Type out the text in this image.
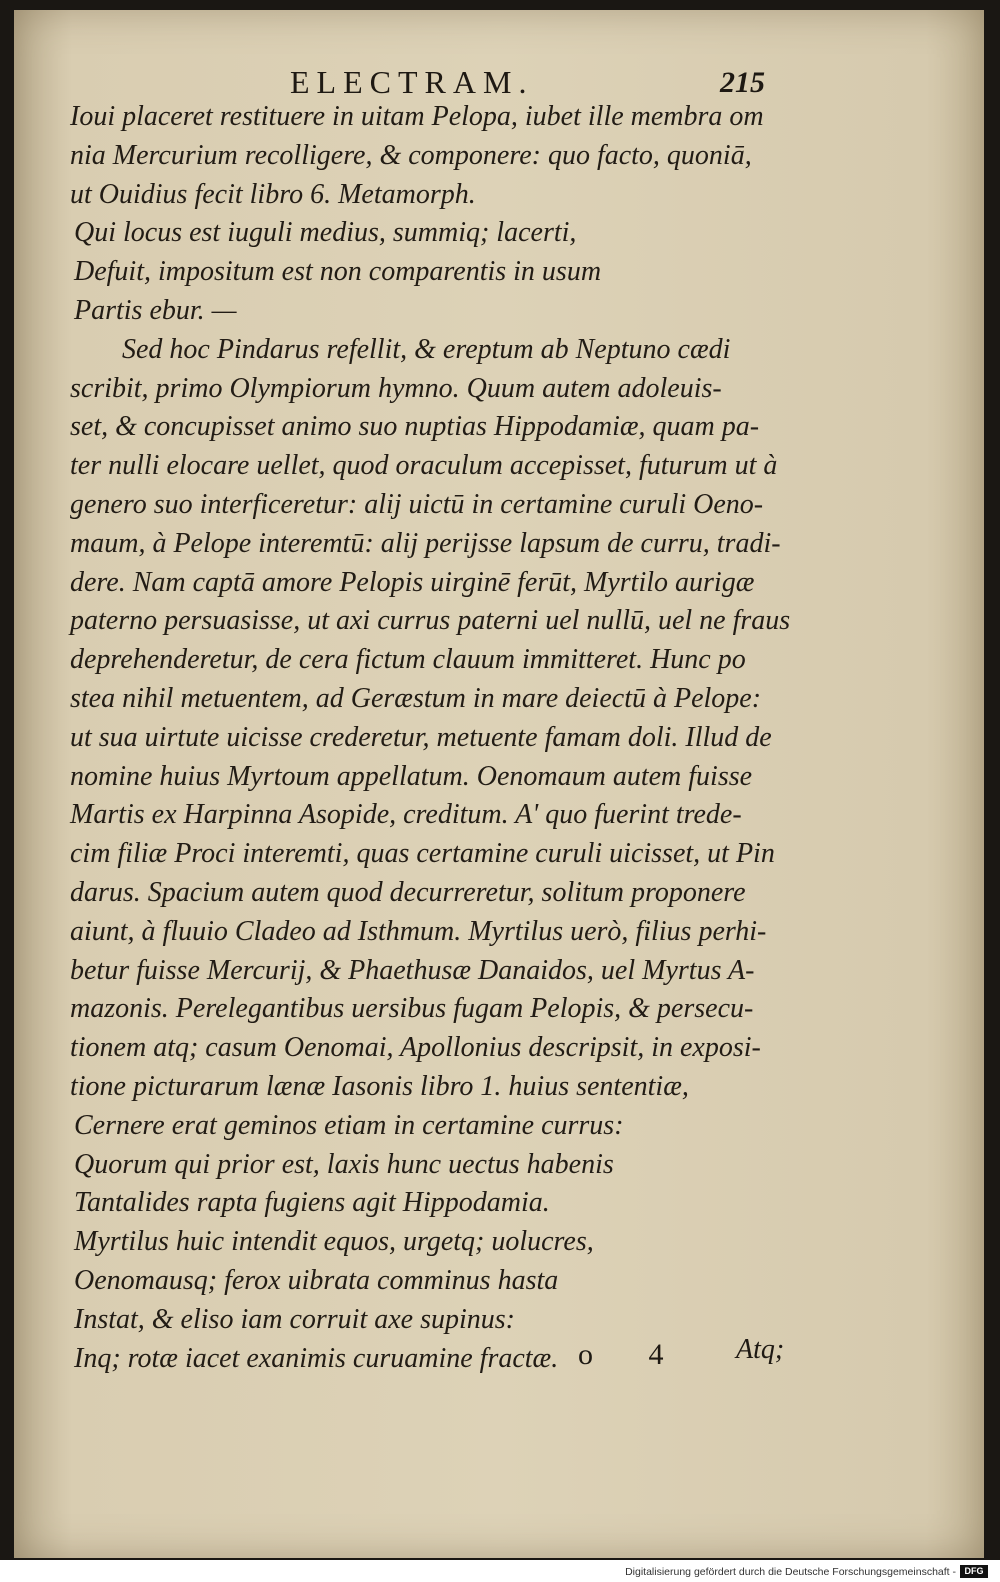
ELECTRAM.	215
Ioui placeret restituere in uitam Pelopa, iubet ille membra om
nia Mercurium recolligere, & componere: quo facto, quoniā,
ut Ouidius fecit libro 6. Metamorph.
Qui locus est iuguli medius, summiq; lacerti,
Defuit, impositum est non comparentis in usum
Partis ebur. —
Sed hoc Pindarus refellit, & ereptum ab Neptuno cædi
scribit, primo Olympiorum hymno. Quum autem adoleuis-
set, & concupisset animo suo nuptias Hippodamiæ, quam pa-
ter nulli elocare uellet, quod oraculum accepisset, futurum ut à
genero suo interficeretur: alij uictū in certamine curuli Oeno-
maum, à Pelope interemtū: alij perijsse lapsum de curru, tradi-
dere. Nam captā amore Pelopis uirginē ferūt, Myrtilo aurigæ
paterno persuasisse, ut axi currus paterni uel nullū, uel ne fraus
deprehenderetur, de cera fictum clauum immitteret. Hunc po
stea nihil metuentem, ad Geræstum in mare deiectū à Pelope:
ut sua uirtute uicisse crederetur, metuente famam doli. Illud de
nomine huius Myrtoum appellatum. Oenomaum autem fuisse
Martis ex Harpinna Asopide, creditum. A' quo fuerint trede-
cim filiæ Proci interemti, quas certamine curuli uicisset, ut Pin
darus. Spacium autem quod decurreretur, solitum proponere
aiunt, à fluuio Cladeo ad Isthmum. Myrtilus uerò, filius perhi-
betur fuisse Mercurij, & Phaethusæ Danaidos, uel Myrtus A-
mazonis. Perelegantibus uersibus fugam Pelopis, & persecu-
tionem atq; casum Oenomai, Apollonius descripsit, in exposi-
tione picturarum lænæ Iasonis libro 1. huius sententiæ,
Cernere erat geminos etiam in certamine currus:
Quorum qui prior est, laxis hunc uectus habenis
Tantalides rapta fugiens agit Hippodamia.
Myrtilus huic intendit equos, urgetq; uolucres,
Oenomausq; ferox uibrata comminus hasta
Instat, & eliso iam corruit axe supinus:
Inq; rotæ iacet exanimis curuamine fractæ. o 4 Atq;
Digitalisierung gefördert durch die Deutsche Forschungsgemeinschaft - DFG
